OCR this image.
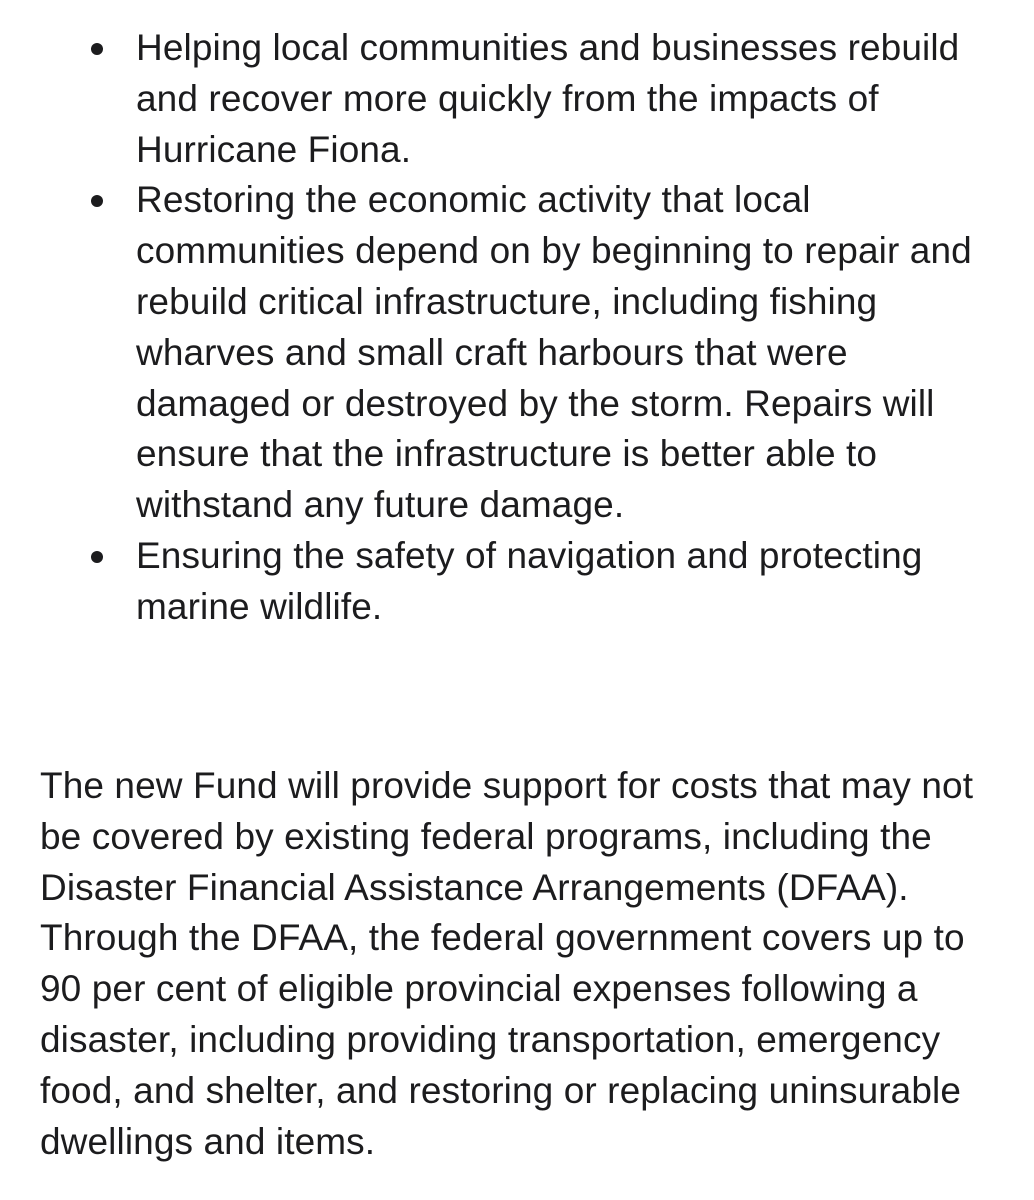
Helping local communities and businesses rebuild and recover more quickly from the impacts of Hurricane Fiona.
Restoring the economic activity that local communities depend on by beginning to repair and rebuild critical infrastructure, including fishing wharves and small craft harbours that were damaged or destroyed by the storm. Repairs will ensure that the infrastructure is better able to withstand any future damage.
Ensuring the safety of navigation and protecting marine wildlife.

The new Fund will provide support for costs that may not be covered by existing federal programs, including the Disaster Financial Assistance Arrangements (DFAA). Through the DFAA, the federal government covers up to 90 per cent of eligible provincial expenses following a disaster, including providing transportation, emergency food, and shelter, and restoring or replacing uninsurable dwellings and items.
